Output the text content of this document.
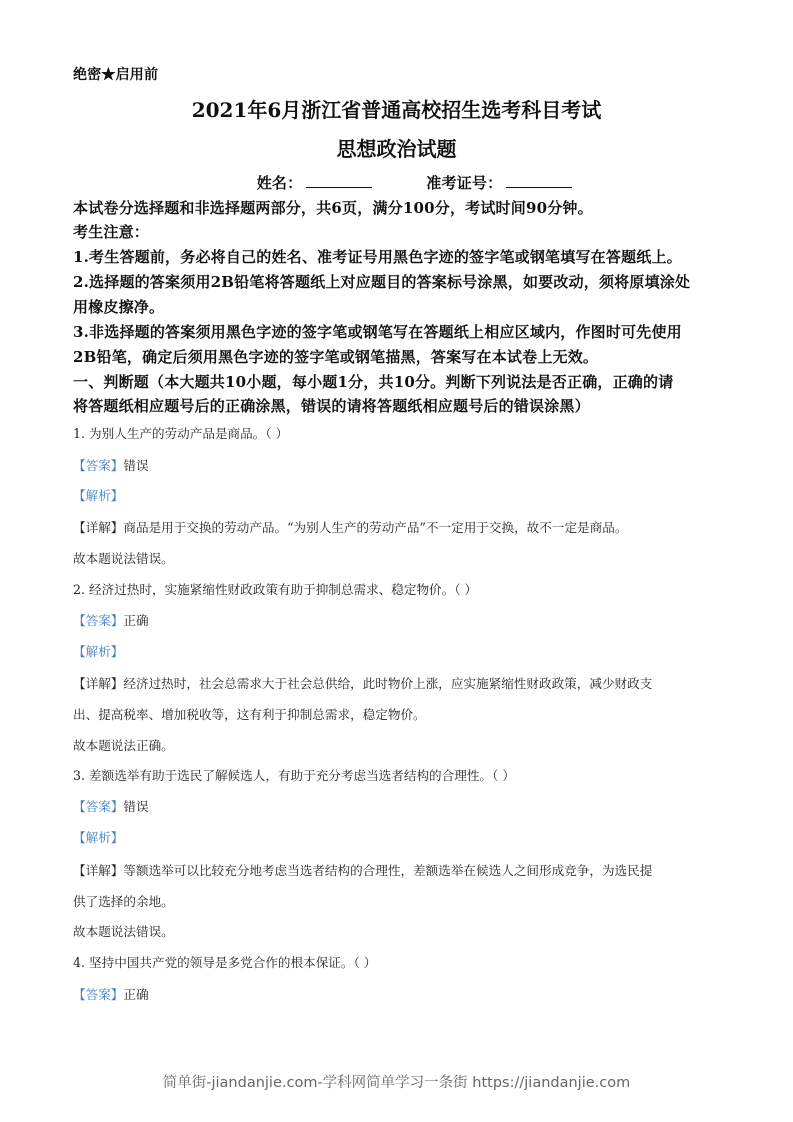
绝密★启用前
2021年6月浙江省普通高校招生选考科目考试
思想政治试题
姓名：	准考证号：
本试卷分选择题和非选择题两部分，共6页，满分100分，考试时间90分钟。
考生注意：
1.考生答题前，务必将自己的姓名、准考证号用黑色字迹的签字笔或钢笔填写在答题纸上。
2.选择题的答案须用2B铅笔将答题纸上对应题目的答案标号涂黑，如要改动，须将原填涂处
用橡皮擦净。
3.非选择题的答案须用黑色字迹的签字笔或钢笔写在答题纸上相应区域内，作图时可先使用
2B铅笔，确定后须用黑色字迹的签字笔或钢笔描黑，答案写在本试卷上无效。
一、判断题（本大题共10小题，每小题1分，共10分。判断下列说法是否正确，正确的请
将答题纸相应题号后的正确涂黑，错误的请将答题纸相应题号后的错误涂黑）
1. 为别人生产的劳动产品是商品。（ ）
【答案】错误
【解析】
【详解】商品是用于交换的劳动产品。“为别人生产的劳动产品”不一定用于交换，故不一定是商品。
故本题说法错误。
2. 经济过热时，实施紧缩性财政政策有助于抑制总需求、稳定物价。（ ）
【答案】正确
【解析】
【详解】经济过热时，社会总需求大于社会总供给，此时物价上涨，应实施紧缩性财政政策，减少财政支
出、提高税率、增加税收等，这有利于抑制总需求，稳定物价。
故本题说法正确。
3. 差额选举有助于选民了解候选人，有助于充分考虑当选者结构的合理性。（ ）
【答案】错误
【解析】
【详解】等额选举可以比较充分地考虑当选者结构的合理性，差额选举在候选人之间形成竞争，为选民提
供了选择的余地。
故本题说法错误。
4. 坚持中国共产党的领导是多党合作的根本保证。（ ）
【答案】正确
简单街-jiandanjie.com-学科网简单学习一条街 https://jiandanjie.com
